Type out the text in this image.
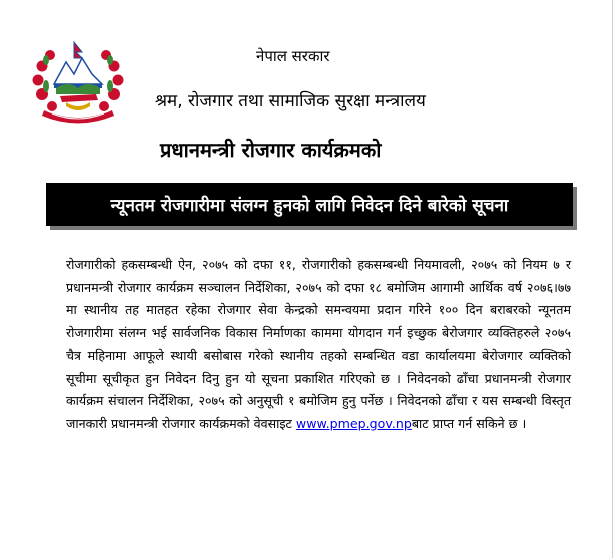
नेपाल सरकार
श्रम, रोजगार तथा सामाजिक सुरक्षा मन्त्रालय
प्रधानमन्त्री रोजगार कार्यक्रमको
न्यूनतम रोजगारीमा संलग्न हुनको लागि निवेदन दिने बारेको सूचना
रोजगारीको हकसम्बन्धी ऐन, २०७५ को दफा ११, रोजगारीको हकसम्बन्धी नियमावली, २०७५ को नियम ७ र प्रधानमन्त्री रोजगार कार्यक्रम सञ्चालन निर्देशिका, २०७५ को दफा १८ बमोजिम आगामी आर्थिक वर्ष २०७६।७७ मा स्थानीय तह मातहत रहेका रोजगार सेवा केन्द्रको समन्वयमा प्रदान गरिने १०० दिन बराबरको न्यूनतम रोजगारीमा संलग्न भई सार्वजनिक विकास निर्माणका काममा योगदान गर्न इच्छुक बेरोजगार व्यक्तिहरुले २०७५ चैत्र महिनामा आफूले स्थायी बसोबास गरेको स्थानीय तहको सम्बन्धित वडा कार्यालयमा बेरोजगार व्यक्तिको सूचीमा सूचीकृत हुन निवेदन दिनु हुन यो सूचना प्रकाशित गरिएको छ । निवेदनको ढाँचा प्रधानमन्त्री रोजगार कार्यक्रम संचालन निर्देशिका, २०७५ को अनुसूची १ बमोजिम हुनु पर्नेछ । निवेदनको ढाँचा र यस सम्बन्धी विस्तृत जानकारी प्रधानमन्त्री रोजगार कार्यक्रमको वेवसाइट www.pmep.gov.npबाट प्राप्त गर्न सकिने छ ।
